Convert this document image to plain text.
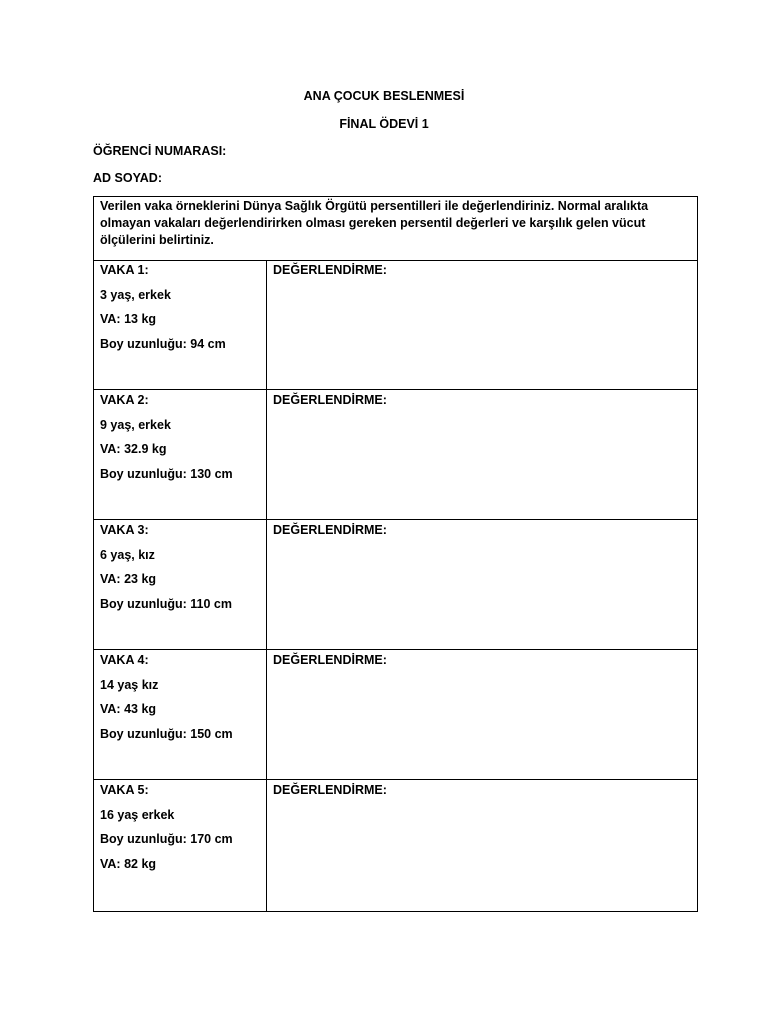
ANA ÇOCUK BESLENMESİ
FİNAL ÖDEVİ 1
ÖĞRENCİ NUMARASI:
AD SOYAD:
Verilen vaka örneklerini Dünya Sağlık Örgütü persentilleri ile değerlendiriniz. Normal aralıkta
olmayan vakaları değerlendirirken olması gereken persentil değerleri ve karşılık gelen vücut
ölçülerini belirtiniz.
VAKA 1:
3 yaş, erkek
VA: 13 kg
Boy uzunluğu: 94 cm
DEĞERLENDİRME:
VAKA 2:
9 yaş, erkek
VA: 32.9 kg
Boy uzunluğu: 130 cm
DEĞERLENDİRME:
VAKA 3:
6 yaş, kız
VA: 23 kg
Boy uzunluğu: 110 cm
DEĞERLENDİRME:
VAKA 4:
14 yaş kız
VA: 43 kg
Boy uzunluğu: 150 cm
DEĞERLENDİRME:
VAKA 5:
16 yaş erkek
Boy uzunluğu: 170 cm
VA: 82 kg
DEĞERLENDİRME:
